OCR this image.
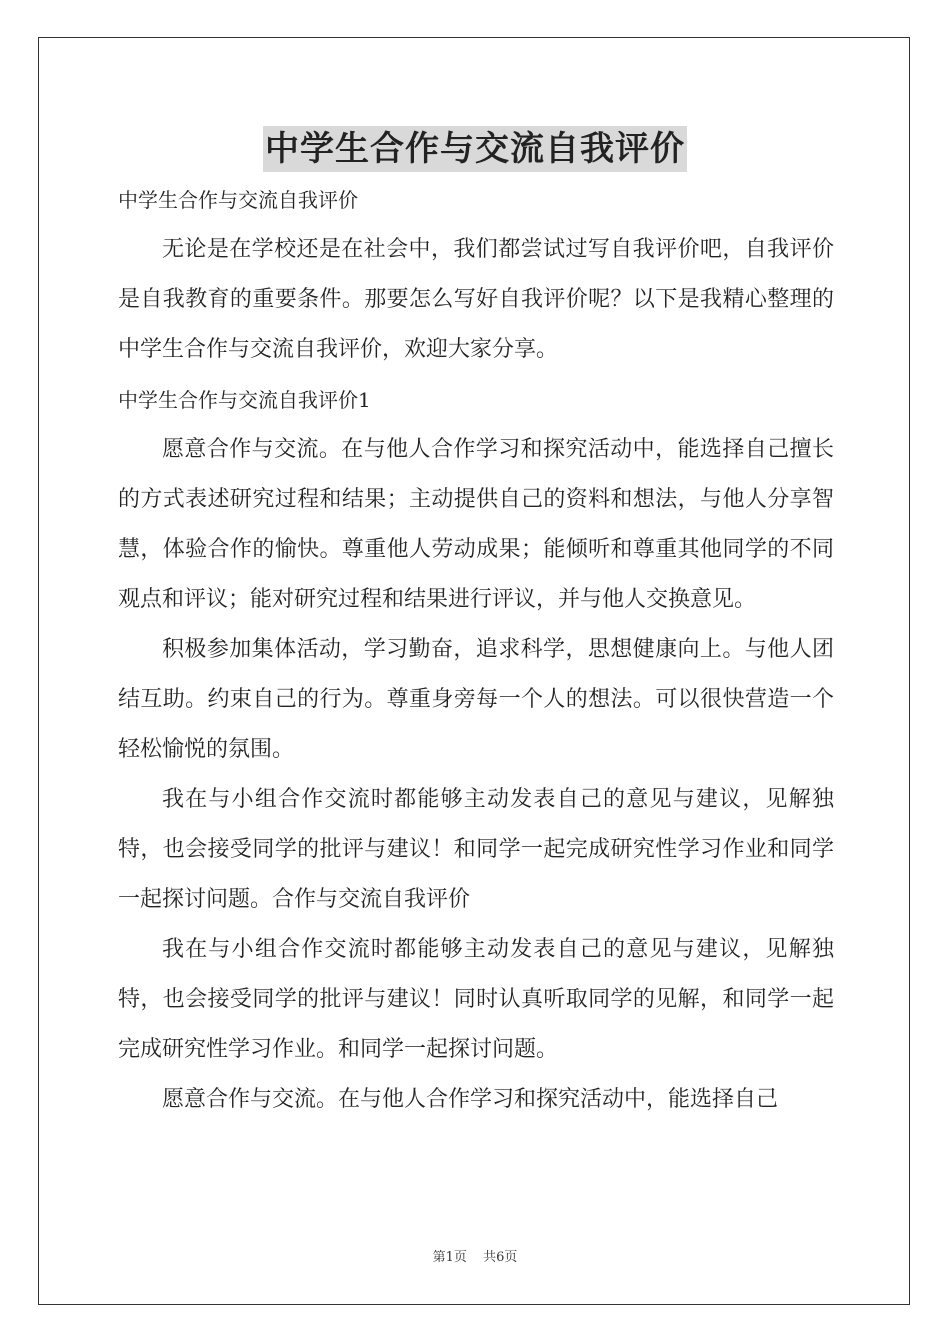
中学生合作与交流自我评价

中学生合作与交流自我评价

无论是在学校还是在社会中，我们都尝试过写自我评价吧，自我评价是自我教育的重要条件。那要怎么写好自我评价呢？以下是我精心整理的中学生合作与交流自我评价，欢迎大家分享。

中学生合作与交流自我评价1

愿意合作与交流。在与他人合作学习和探究活动中，能选择自己擅长的方式表述研究过程和结果；主动提供自己的资料和想法，与他人分享智慧，体验合作的愉快。尊重他人劳动成果；能倾听和尊重其他同学的不同观点和评议；能对研究过程和结果进行评议，并与他人交换意见。

积极参加集体活动，学习勤奋，追求科学，思想健康向上。与他人团结互助。约束自己的行为。尊重身旁每一个人的想法。可以很快营造一个轻松愉悦的氛围。

我在与小组合作交流时都能够主动发表自己的意见与建议，见解独特，也会接受同学的批评与建议！和同学一起完成研究性学习作业和同学一起探讨问题。合作与交流自我评价

我在与小组合作交流时都能够主动发表自己的意见与建议，见解独特，也会接受同学的批评与建议！同时认真听取同学的见解，和同学一起完成研究性学习作业。和同学一起探讨问题。

愿意合作与交流。在与他人合作学习和探究活动中，能选择自己

第1页 共6页
